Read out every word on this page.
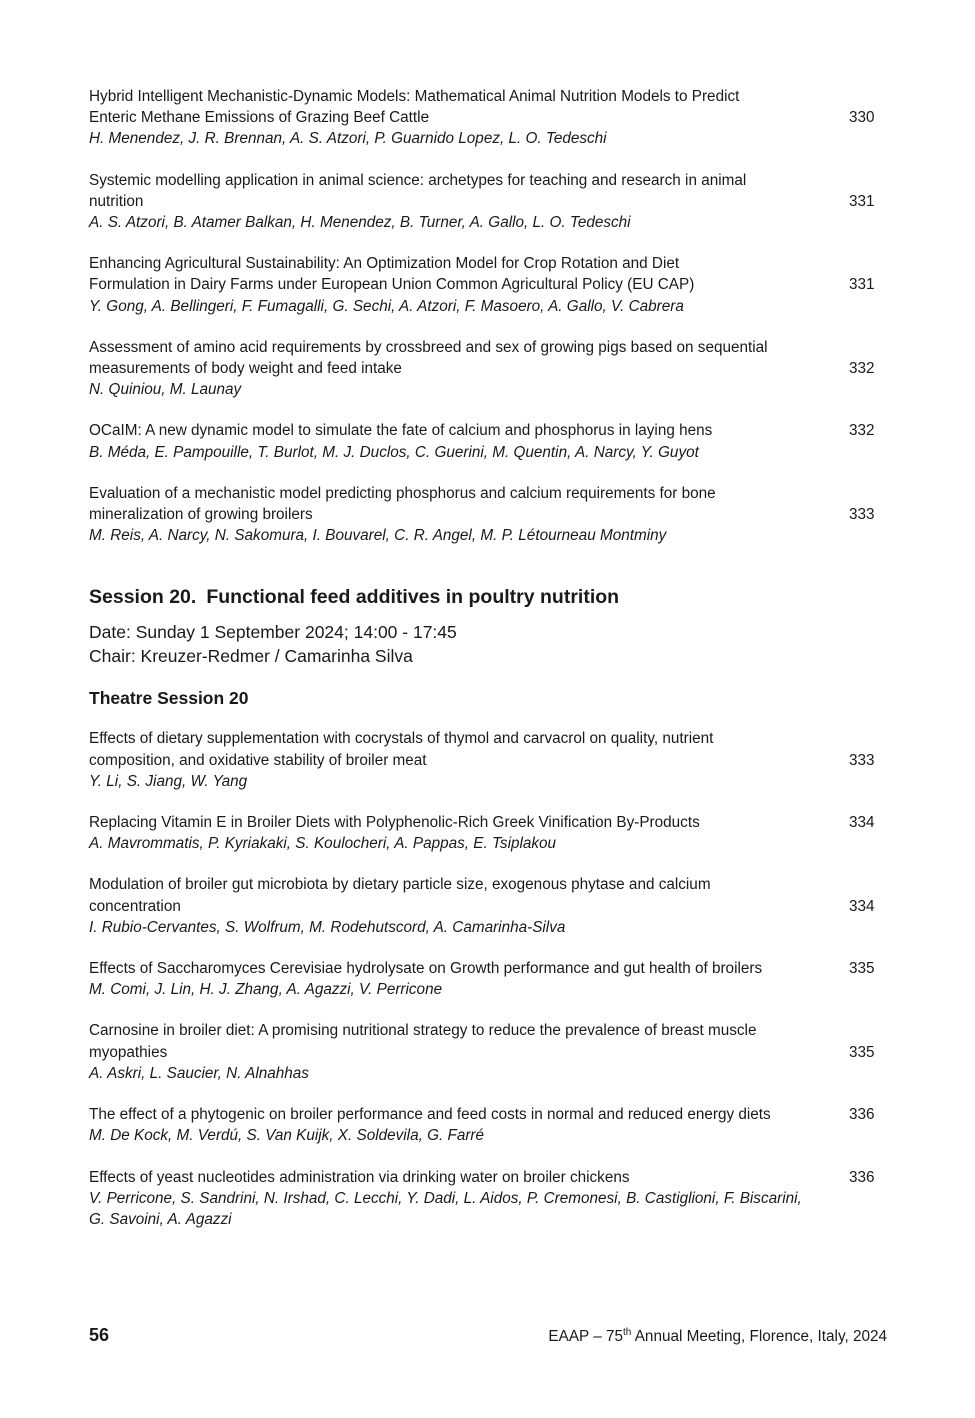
Hybrid Intelligent Mechanistic-Dynamic Models: Mathematical Animal Nutrition Models to Predict
Enteric Methane Emissions of Grazing Beef Cattle
H. Menendez, J. R. Brennan, A. S. Atzori, P. Guarnido Lopez, L. O. Tedeschi
330
Systemic modelling application in animal science: archetypes for teaching and research in animal
nutrition
A. S. Atzori, B. Atamer Balkan, H. Menendez, B. Turner, A. Gallo, L. O. Tedeschi
331
Enhancing Agricultural Sustainability: An Optimization Model for Crop Rotation and Diet
Formulation in Dairy Farms under European Union Common Agricultural Policy (EU CAP)
Y. Gong, A. Bellingeri, F. Fumagalli, G. Sechi, A. Atzori, F. Masoero, A. Gallo, V. Cabrera
331
Assessment of amino acid requirements by crossbreed and sex of growing pigs based on sequential
measurements of body weight and feed intake
N. Quiniou, M. Launay
332
OCaIM: A new dynamic model to simulate the fate of calcium and phosphorus in laying hens
B. Méda, E. Pampouille, T. Burlot, M. J. Duclos, C. Guerini, M. Quentin, A. Narcy, Y. Guyot
332
Evaluation of a mechanistic model predicting phosphorus and calcium requirements for bone
mineralization of growing broilers
M. Reis, A. Narcy, N. Sakomura, I. Bouvarel, C. R. Angel, M. P. Létourneau Montminy
333
Session 20. Functional feed additives in poultry nutrition
Date: Sunday 1 September 2024; 14:00 - 17:45
Chair: Kreuzer-Redmer / Camarinha Silva
Theatre Session 20
Effects of dietary supplementation with cocrystals of thymol and carvacrol on quality, nutrient
composition, and oxidative stability of broiler meat
Y. Li, S. Jiang, W. Yang
333
Replacing Vitamin E in Broiler Diets with Polyphenolic-Rich Greek Vinification By-Products
A. Mavrommatis, P. Kyriakaki, S. Koulocheri, A. Pappas, E. Tsiplakou
334
Modulation of broiler gut microbiota by dietary particle size, exogenous phytase and calcium
concentration
I. Rubio-Cervantes, S. Wolfrum, M. Rodehutscord, A. Camarinha-Silva
334
Effects of Saccharomyces Cerevisiae hydrolysate on Growth performance and gut health of broilers
M. Comi, J. Lin, H. J. Zhang, A. Agazzi, V. Perricone
335
Carnosine in broiler diet: A promising nutritional strategy to reduce the prevalence of breast muscle
myopathies
A. Askri, L. Saucier, N. Alnahhas
335
The effect of a phytogenic on broiler performance and feed costs in normal and reduced energy diets
M. De Kock, M. Verdú, S. Van Kuijk, X. Soldevila, G. Farré
336
Effects of yeast nucleotides administration via drinking water on broiler chickens
V. Perricone, S. Sandrini, N. Irshad, C. Lecchi, Y. Dadi, L. Aidos, P. Cremonesi, B. Castiglioni, F. Biscarini,
G. Savoini, A. Agazzi
336
56	EAAP – 75th Annual Meeting, Florence, Italy, 2024
